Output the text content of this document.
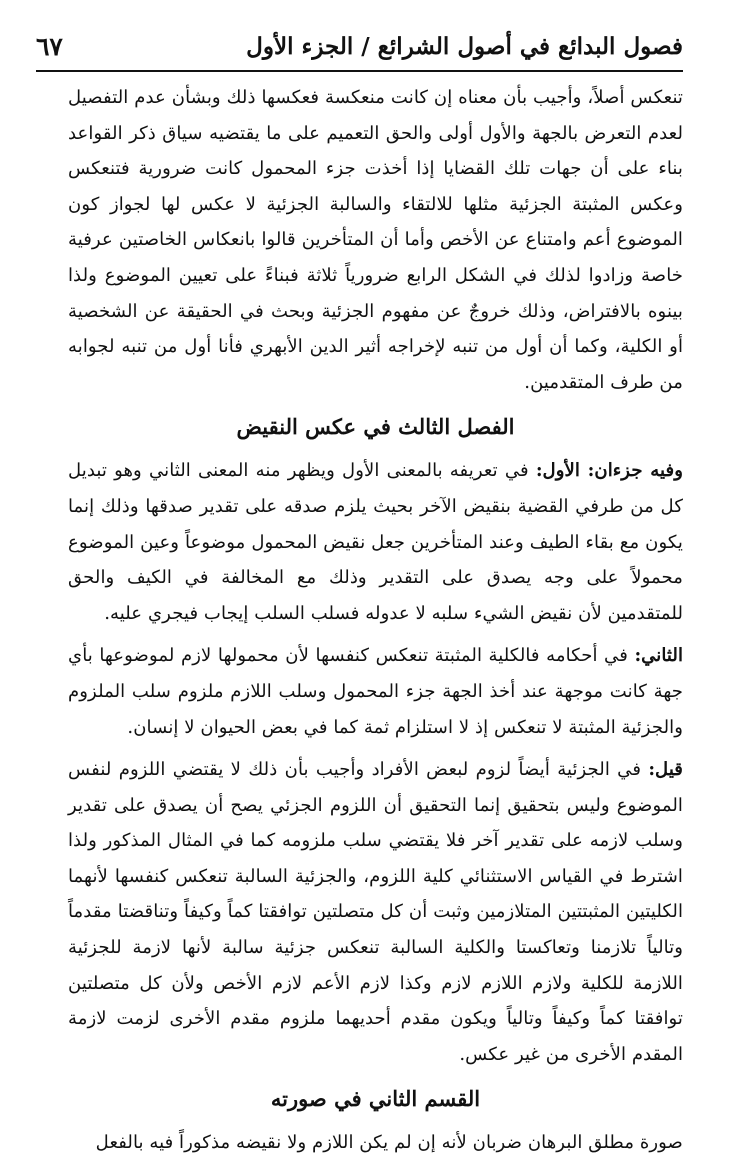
فصول البدائع في أصول الشرائع / الجزء الأول
٦٧

تنعكس أصلاً، وأجيب بأن معناه إن كانت منعكسة فعكسها ذلك وبشأن عدم التفصيل لعدم التعرض بالجهة والأول أولى والحق التعميم على ما يقتضيه سياق ذكر القواعد بناء على أن جهات تلك القضايا إذا أخذت جزء المحمول كانت ضرورية فتنعكس وعكس المثبتة الجزئية مثلها للالتقاء والسالبة الجزئية لا عكس لها لجواز كون الموضوع أعم وامتناع عن الأخص وأما أن المتأخرين قالوا بانعكاس الخاصتين عرفية خاصة وزادوا لذلك في الشكل الرابع ضرورياً ثلاثة فبناءً على تعيين الموضوع ولذا بينوه بالافتراض، وذلك خروجٌ عن مفهوم الجزئية وبحث في الحقيقة عن الشخصية أو الكلية، وكما أن أول من تنبه لإخراجه أثير الدين الأبهري فأنا أول من تنبه لجوابه من طرف المتقدمين.

الفصل الثالث في عكس النقيض

وفيه جزءان: الأول: في تعريفه بالمعنى الأول ويظهر منه المعنى الثاني وهو تبديل كل من طرفي القضية بنقيض الآخر بحيث يلزم صدقه على تقدير صدقها وذلك إنما يكون مع بقاء الطيف وعند المتأخرين جعل نقيض المحمول موضوعاً وعين الموضوع محمولاً على وجه يصدق على التقدير وذلك مع المخالفة في الكيف والحق للمتقدمين لأن نقيض الشيء سلبه لا عدوله فسلب السلب إيجاب فيجري عليه.

الثاني: في أحكامه فالكلية المثبتة تنعكس كنفسها لأن محمولها لازم لموضوعها بأي جهة كانت موجهة عند أخذ الجهة جزء المحمول وسلب اللازم ملزوم سلب الملزوم والجزئية المثبتة لا تنعكس إذ لا استلزام ثمة كما في بعض الحيوان لا إنسان.

قيل: في الجزئية أيضاً لزوم لبعض الأفراد وأجيب بأن ذلك لا يقتضي اللزوم لنفس الموضوع وليس بتحقيق إنما التحقيق أن اللزوم الجزئي يصح أن يصدق على تقدير وسلب لازمه على تقدير آخر فلا يقتضي سلب ملزومه كما في المثال المذكور ولذا اشترط في القياس الاستثنائي كلية اللزوم، والجزئية السالبة تنعكس كنفسها لأنهما الكليتين المثبتتين المتلازمين وثبت أن كل متصلتين توافقتا كماً وكيفاً وتناقضتا مقدماً وتالياً تلازمنا وتعاكستا والكلية السالبة تنعكس جزئية سالبة لأنها لازمة للجزئية اللازمة للكلية ولازم اللازم لازم وكذا لازم الأعم لازم الأخص ولأن كل متصلتين توافقتا كماً وكيفاً وتالياً ويكون مقدم أحديهما ملزوم مقدم الأخرى لزمت لازمة المقدم الأخرى من غير عكس.

القسم الثاني في صورته

صورة مطلق البرهان ضربان لأنه إن لم يكن اللازم ولا نقيضه مذكوراً فيه بالفعل
